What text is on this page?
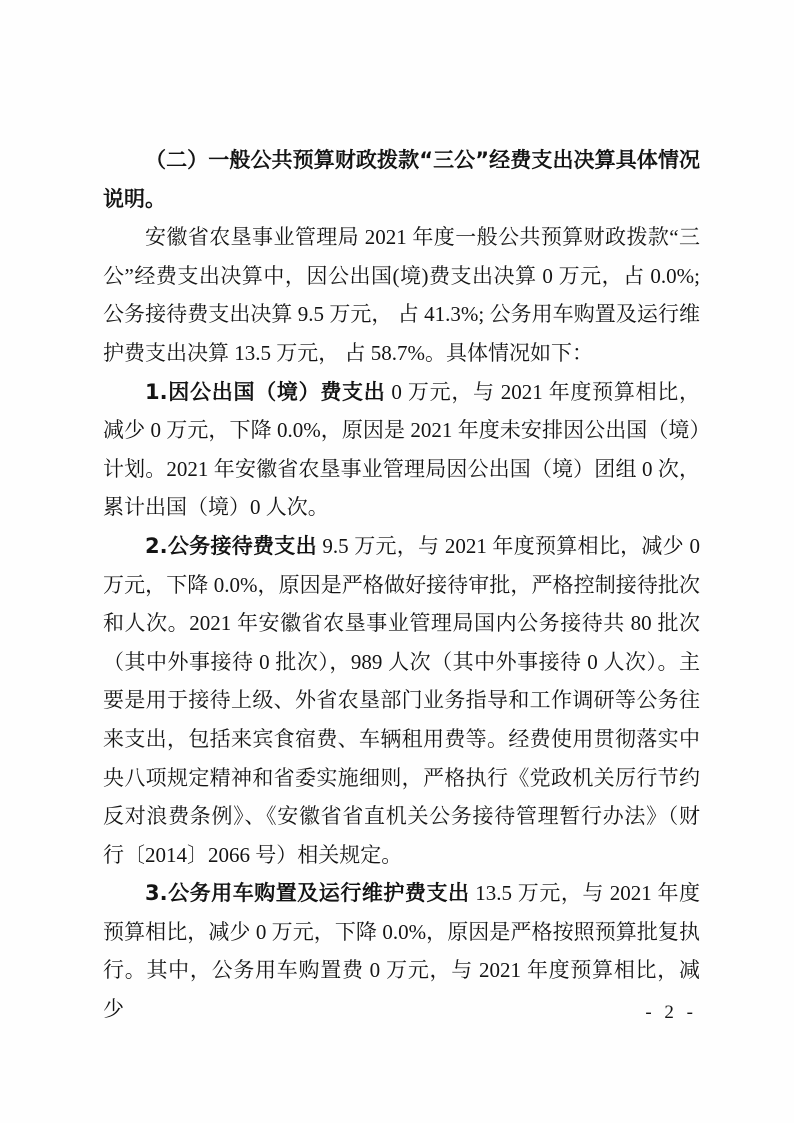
（二）一般公共预算财政拨款“三公”经费支出决算具体情况说明。

安徽省农垦事业管理局 2021 年度一般公共预算财政拨款“三公”经费支出决算中，因公出国(境)费支出决算 0 万元，占 0.0%; 公务接待费支出决算 9.5 万元， 占 41.3%; 公务用车购置及运行维护费支出决算 13.5 万元， 占 58.7%。具体情况如下：

1.因公出国（境）费支出 0 万元，与 2021 年度预算相比，减少 0 万元，下降 0.0%，原因是 2021 年度未安排因公出国（境）计划。2021 年安徽省农垦事业管理局因公出国（境）团组 0 次，累计出国（境）0 人次。

2.公务接待费支出 9.5 万元，与 2021 年度预算相比，减少 0 万元，下降 0.0%，原因是严格做好接待审批，严格控制接待批次和人次。2021 年安徽省农垦事业管理局国内公务接待共 80 批次（其中外事接待 0 批次），989 人次（其中外事接待 0 人次）。主要是用于接待上级、外省农垦部门业务指导和工作调研等公务往来支出，包括来宾食宿费、车辆租用费等。经费使用贯彻落实中央八项规定精神和省委实施细则，严格执行《党政机关厉行节约反对浪费条例》、《安徽省省直机关公务接待管理暂行办法》（财行〔2014〕2066 号）相关规定。

3.公务用车购置及运行维护费支出 13.5 万元，与 2021 年度预算相比，减少 0 万元，下降 0.0%，原因是严格按照预算批复执行。其中，公务用车购置费 0 万元，与 2021 年度预算相比，减少	- 2 -
